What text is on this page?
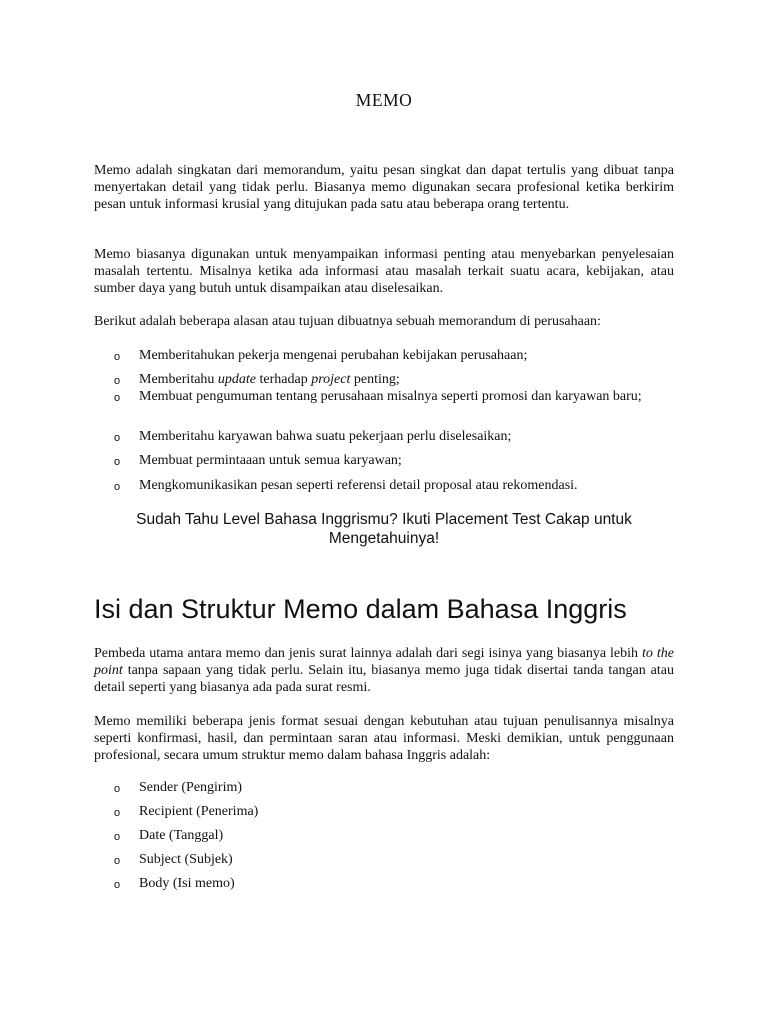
MEMO

Memo adalah singkatan dari memorandum, yaitu pesan singkat dan dapat tertulis yang dibuat tanpa menyertakan detail yang tidak perlu. Biasanya memo digunakan secara profesional ketika berkirim pesan untuk informasi krusial yang ditujukan pada satu atau beberapa orang tertentu.

Memo biasanya digunakan untuk menyampaikan informasi penting atau menyebarkan penyelesaian masalah tertentu. Misalnya ketika ada informasi atau masalah terkait suatu acara, kebijakan, atau sumber daya yang butuh untuk disampaikan atau diselesaikan.

Berikut adalah beberapa alasan atau tujuan dibuatnya sebuah memorandum di perusahaan:

o Memberitahukan pekerja mengenai perubahan kebijakan perusahaan;
o Memberitahu update terhadap project penting;
o Membuat pengumuman tentang perusahaan misalnya seperti promosi dan karyawan baru;
o Memberitahu karyawan bahwa suatu pekerjaan perlu diselesaikan;
o Membuat permintaaan untuk semua karyawan;
o Mengkomunikasikan pesan seperti referensi detail proposal atau rekomendasi.

Sudah Tahu Level Bahasa Inggrismu? Ikuti Placement Test Cakap untuk Mengetahuinya!

Isi dan Struktur Memo dalam Bahasa Inggris

Pembeda utama antara memo dan jenis surat lainnya adalah dari segi isinya yang biasanya lebih to the point tanpa sapaan yang tidak perlu. Selain itu, biasanya memo juga tidak disertai tanda tangan atau detail seperti yang biasanya ada pada surat resmi.

Memo memiliki beberapa jenis format sesuai dengan kebutuhan atau tujuan penulisannya misalnya seperti konfirmasi, hasil, dan permintaan saran atau informasi. Meski demikian, untuk penggunaan profesional, secara umum struktur memo dalam bahasa Inggris adalah:

o Sender (Pengirim)
o Recipient (Penerima)
o Date (Tanggal)
o Subject (Subjek)
o Body (Isi memo)
